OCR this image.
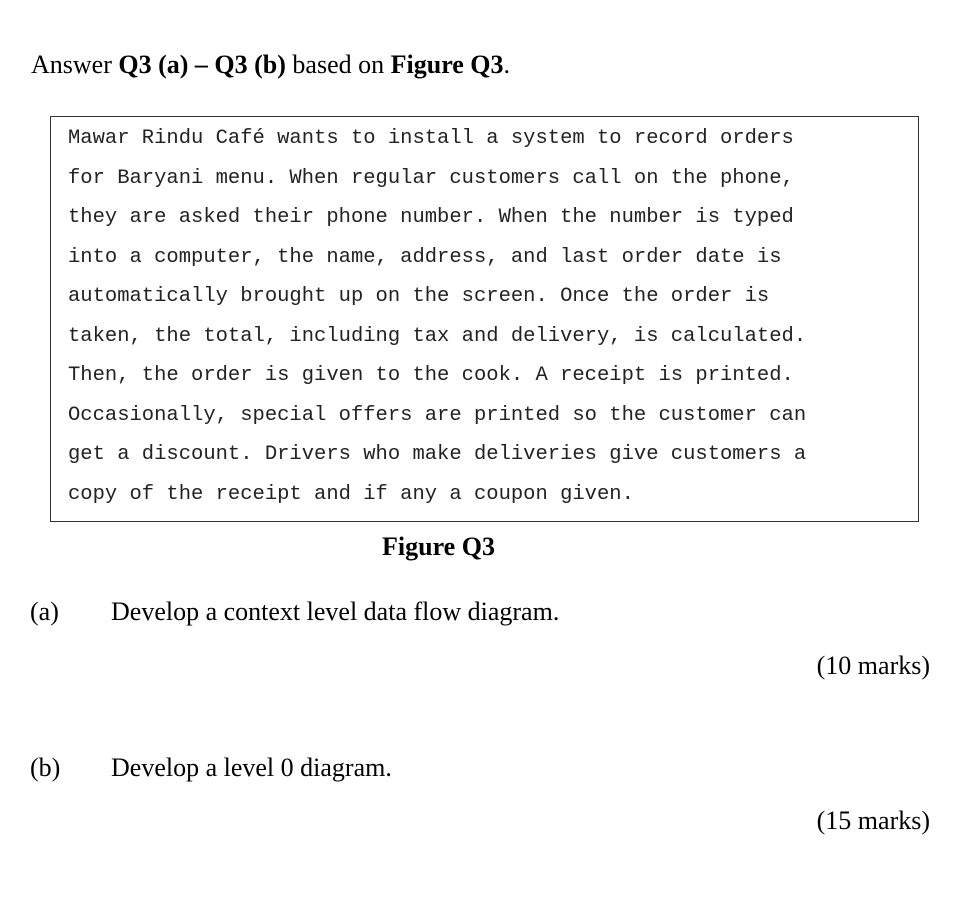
Answer Q3 (a) – Q3 (b) based on Figure Q3.
Mawar Rindu Café wants to install a system to record orders
for Baryani menu. When regular customers call on the phone,
they are asked their phone number. When the number is typed
into a computer, the name, address, and last order date is
automatically brought up on the screen. Once the order is
taken, the total, including tax and delivery, is calculated.
Then, the order is given to the cook. A receipt is printed.
Occasionally, special offers are printed so the customer can
get a discount. Drivers who make deliveries give customers a
copy of the receipt and if any a coupon given.
Figure Q3
(a) Develop a context level data flow diagram.
(10 marks)
(b) Develop a level 0 diagram.
(15 marks)
